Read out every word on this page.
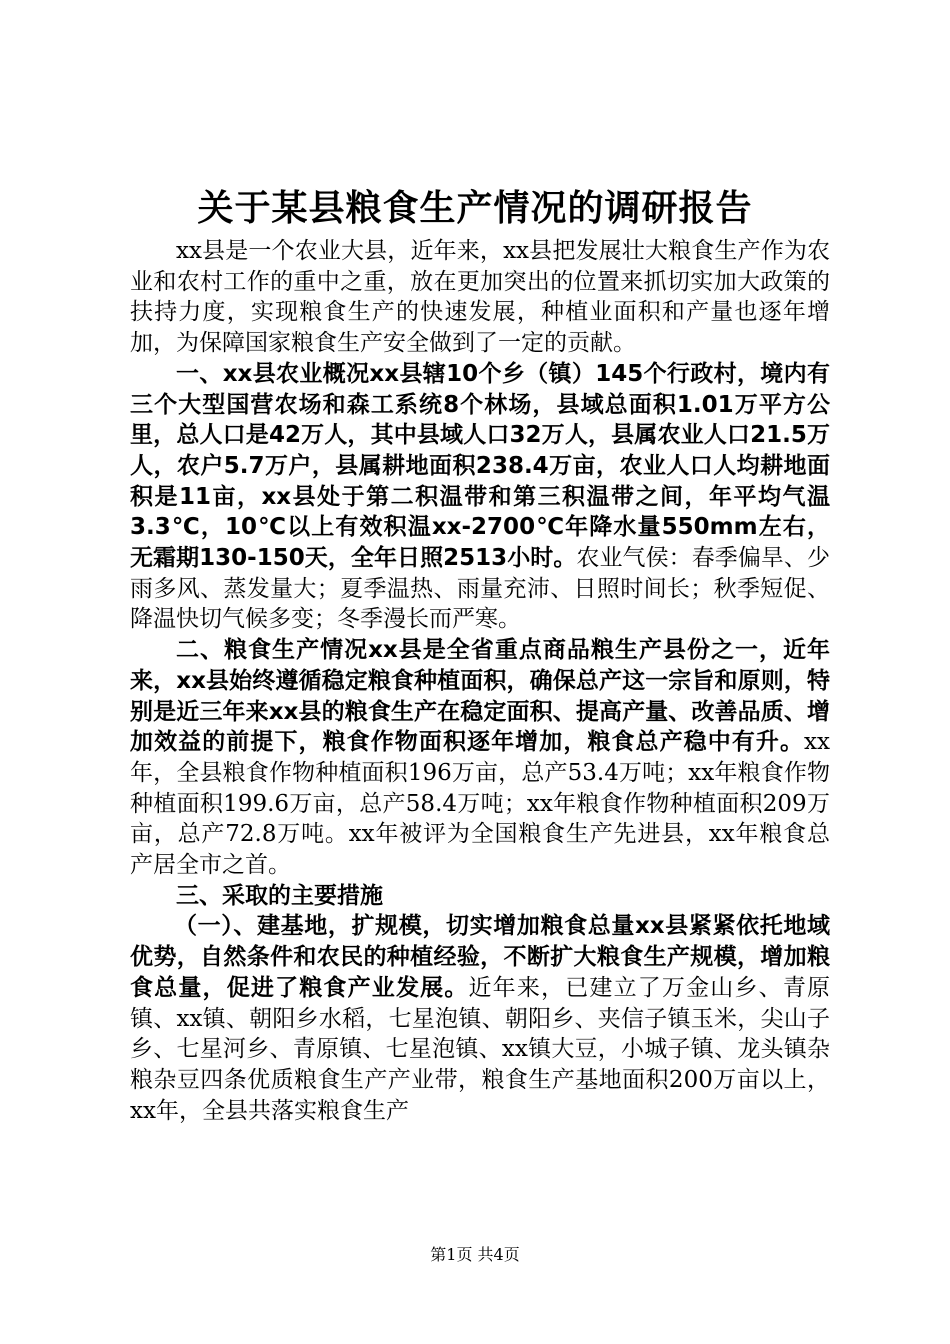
关于某县粮食生产情况的调研报告

xx县是一个农业大县，近年来，xx县把发展壮大粮食生产作为农业和农村工作的重中之重，放在更加突出的位置来抓切实加大政策的扶持力度，实现粮食生产的快速发展，种植业面积和产量也逐年增加，为保障国家粮食生产安全做到了一定的贡献。

一、xx县农业概况xx县辖10个乡（镇）145个行政村，境内有三个大型国营农场和森工系统8个林场，县域总面积1.01万平方公里，总人口是42万人，其中县域人口32万人，县属农业人口21.5万人，农户5.7万户，县属耕地面积238.4万亩，农业人口人均耕地面积是11亩，xx县处于第二积温带和第三积温带之间，年平均气温3.3℃，10℃以上有效积温xx-2700℃年降水量550mm左右，无霜期130-150天，全年日照2513小时。农业气侯：春季偏旱、少雨多风、蒸发量大；夏季温热、雨量充沛、日照时间长；秋季短促、降温快切气候多变；冬季漫长而严寒。

二、粮食生产情况xx县是全省重点商品粮生产县份之一，近年来，xx县始终遵循稳定粮食种植面积，确保总产这一宗旨和原则，特别是近三年来xx县的粮食生产在稳定面积、提高产量、改善品质、增加效益的前提下，粮食作物面积逐年增加，粮食总产稳中有升。xx年，全县粮食作物种植面积196万亩，总产53.4万吨；xx年粮食作物种植面积199.6万亩，总产58.4万吨；xx年粮食作物种植面积209万亩，总产72.8万吨。xx年被评为全国粮食生产先进县，xx年粮食总产居全市之首。

三、采取的主要措施

（一）、建基地，扩规模，切实增加粮食总量xx县紧紧依托地域优势，自然条件和农民的种植经验，不断扩大粮食生产规模，增加粮食总量，促进了粮食产业发展。近年来，已建立了万金山乡、青原镇、xx镇、朝阳乡水稻，七星泡镇、朝阳乡、夹信子镇玉米，尖山子乡、七星河乡、青原镇、七星泡镇、xx镇大豆，小城子镇、龙头镇杂粮杂豆四条优质粮食生产产业带，粮食生产基地面积200万亩以上，xx年，全县共落实粮食生产

第1页 共4页
